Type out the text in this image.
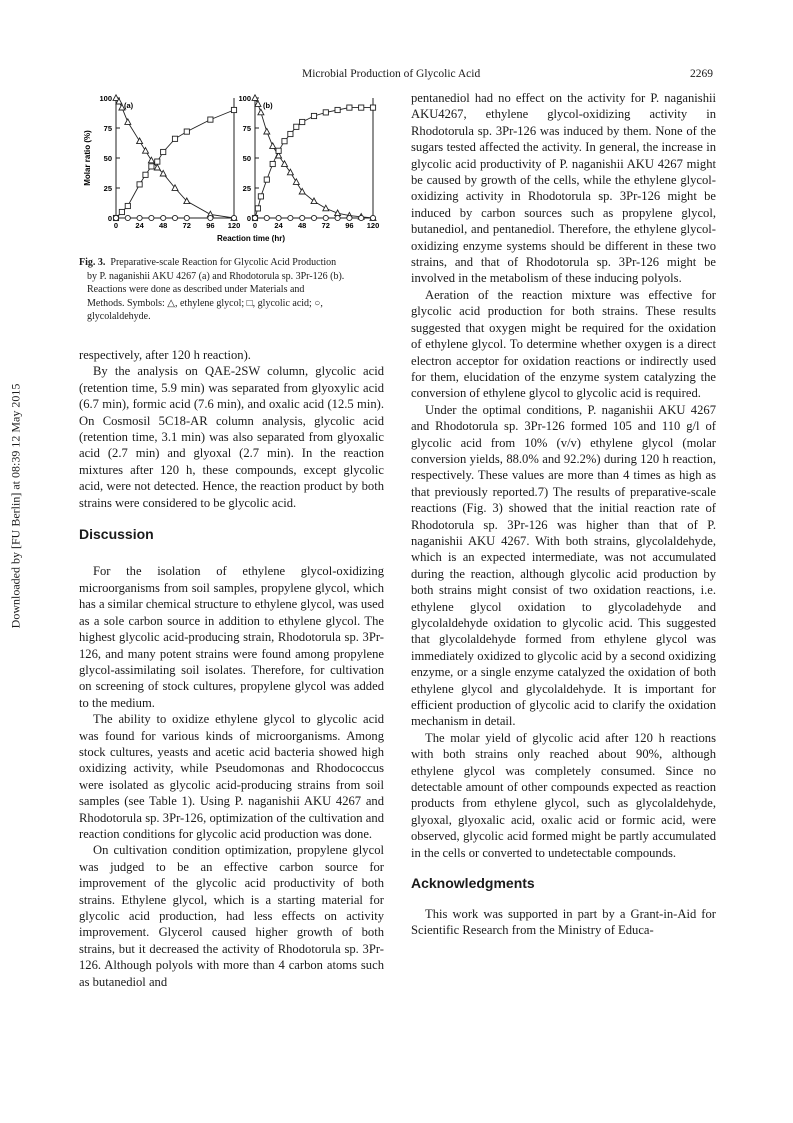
Microbial Production of Glycolic Acid	2269
Downloaded by [FU Berlin] at 08:39 12 May 2015
0
25
50
75
100
0 24 48 72 96 120
(a)
0
25
50
75
100
0 24 48 72 96 120
(b)
Molar ratio (%)
Reaction time (hr)
Fig. 3. Preparative-scale Reaction for Glycolic Acid Production
by P. naganishii AKU 4267 (a) and Rhodotorula sp. 3Pr-126 (b).
Reactions were done as described under Materials and
Methods. Symbols: △, ethylene glycol; □, glycolic acid; ○,
glycolaldehyde.

respectively, after 120 h reaction).

By the analysis on QAE-2SW column, glycolic acid (retention time, 5.9 min) was separated from glyoxylic acid (6.7 min), formic acid (7.6 min), and oxalic acid (12.5 min). On Cosmosil 5C18-AR column analysis, glycolic acid (retention time, 3.1 min) was also separated from glyoxalic acid (2.7 min) and glyoxal (2.7 min). In the reaction mixtures after 120 h, these compounds, except glycolic acid, were not detected. Hence, the reaction product by both strains were considered to be glycolic acid.

Discussion

For the isolation of ethylene glycol-oxidizing microorganisms from soil samples, propylene glycol, which has a similar chemical structure to ethylene glycol, was used as a sole carbon source in addition to ethylene glycol. The highest glycolic acid-producing strain, Rhodotorula sp. 3Pr-126, and many potent strains were found among propylene glycol-assimilating soil isolates. Therefore, for cultivation on screening of stock cultures, propylene glycol was added to the medium.

The ability to oxidize ethylene glycol to glycolic acid was found for various kinds of microorganisms. Among stock cultures, yeasts and acetic acid bacteria showed high oxidizing activity, while Pseudomonas and Rhodococcus were isolated as glycolic acid-producing strains from soil samples (see Table 1). Using P. naganishii AKU 4267 and Rhodotorula sp. 3Pr-126, optimization of the cultivation and reaction conditions for glycolic acid production was done.

On cultivation condition optimization, propylene glycol was judged to be an effective carbon source for improvement of the glycolic acid productivity of both strains. Ethylene glycol, which is a starting material for glycolic acid production, had less effects on activity improvement. Glycerol caused higher growth of both strains, but it decreased the activity of Rhodotorula sp. 3Pr-126. Although polyols with more than 4 carbon atoms such as butanediol and

pentanediol had no effect on the activity for P. naganishii AKU4267, ethylene glycol-oxidizing activity in Rhodotorula sp. 3Pr-126 was induced by them. None of the sugars tested affected the activity. In general, the increase in glycolic acid productivity of P. naganishii AKU 4267 might be caused by growth of the cells, while the ethylene glycol-oxidizing activity in Rhodotorula sp. 3Pr-126 might be induced by carbon sources such as propylene glycol, butanediol, and pentanediol. Therefore, the ethylene glycol-oxidizing enzyme systems should be different in these two strains, and that of Rhodotorula sp. 3Pr-126 might be involved in the metabolism of these inducing polyols.

Aeration of the reaction mixture was effective for glycolic acid production for both strains. These results suggested that oxygen might be required for the oxidation of ethylene glycol. To determine whether oxygen is a direct electron acceptor for oxidation reactions or indirectly used for them, elucidation of the enzyme system catalyzing the conversion of ethylene glycol to glycolic acid is required.

Under the optimal conditions, P. naganishii AKU 4267 and Rhodotorula sp. 3Pr-126 formed 105 and 110 g/l of glycolic acid from 10% (v/v) ethylene glycol (molar conversion yields, 88.0% and 92.2%) during 120 h reaction, respectively. These values are more than 4 times as high as that previously reported.7) The results of preparative-scale reactions (Fig. 3) showed that the initial reaction rate of Rhodotorula sp. 3Pr-126 was higher than that of P. naganishii AKU 4267. With both strains, glycolaldehyde, which is an expected intermediate, was not accumulated during the reaction, although glycolic acid production by both strains might consist of two oxidation reactions, i.e. ethylene glycol oxidation to glycoladehyde and glycolaldehyde oxidation to glycolic acid. This suggested that glycolaldehyde formed from ethylene glycol was immediately oxidized to glycolic acid by a second oxidizing enzyme, or a single enzyme catalyzed the oxidation of both ethylene glycol and glycolaldehyde. It is important for efficient production of glycolic acid to clarify the oxidation mechanism in detail.

The molar yield of glycolic acid after 120 h reactions with both strains only reached about 90%, although ethylene glycol was completely consumed. Since no detectable amount of other compounds expected as reaction products from ethylene glycol, such as glycolaldehyde, glyoxal, glyoxalic acid, oxalic acid or formic acid, were observed, glycolic acid formed might be partly accumulated in the cells or converted to undetectable compounds.

Acknowledgments

This work was supported in part by a Grant-in-Aid for Scientific Research from the Ministry of Educa-
